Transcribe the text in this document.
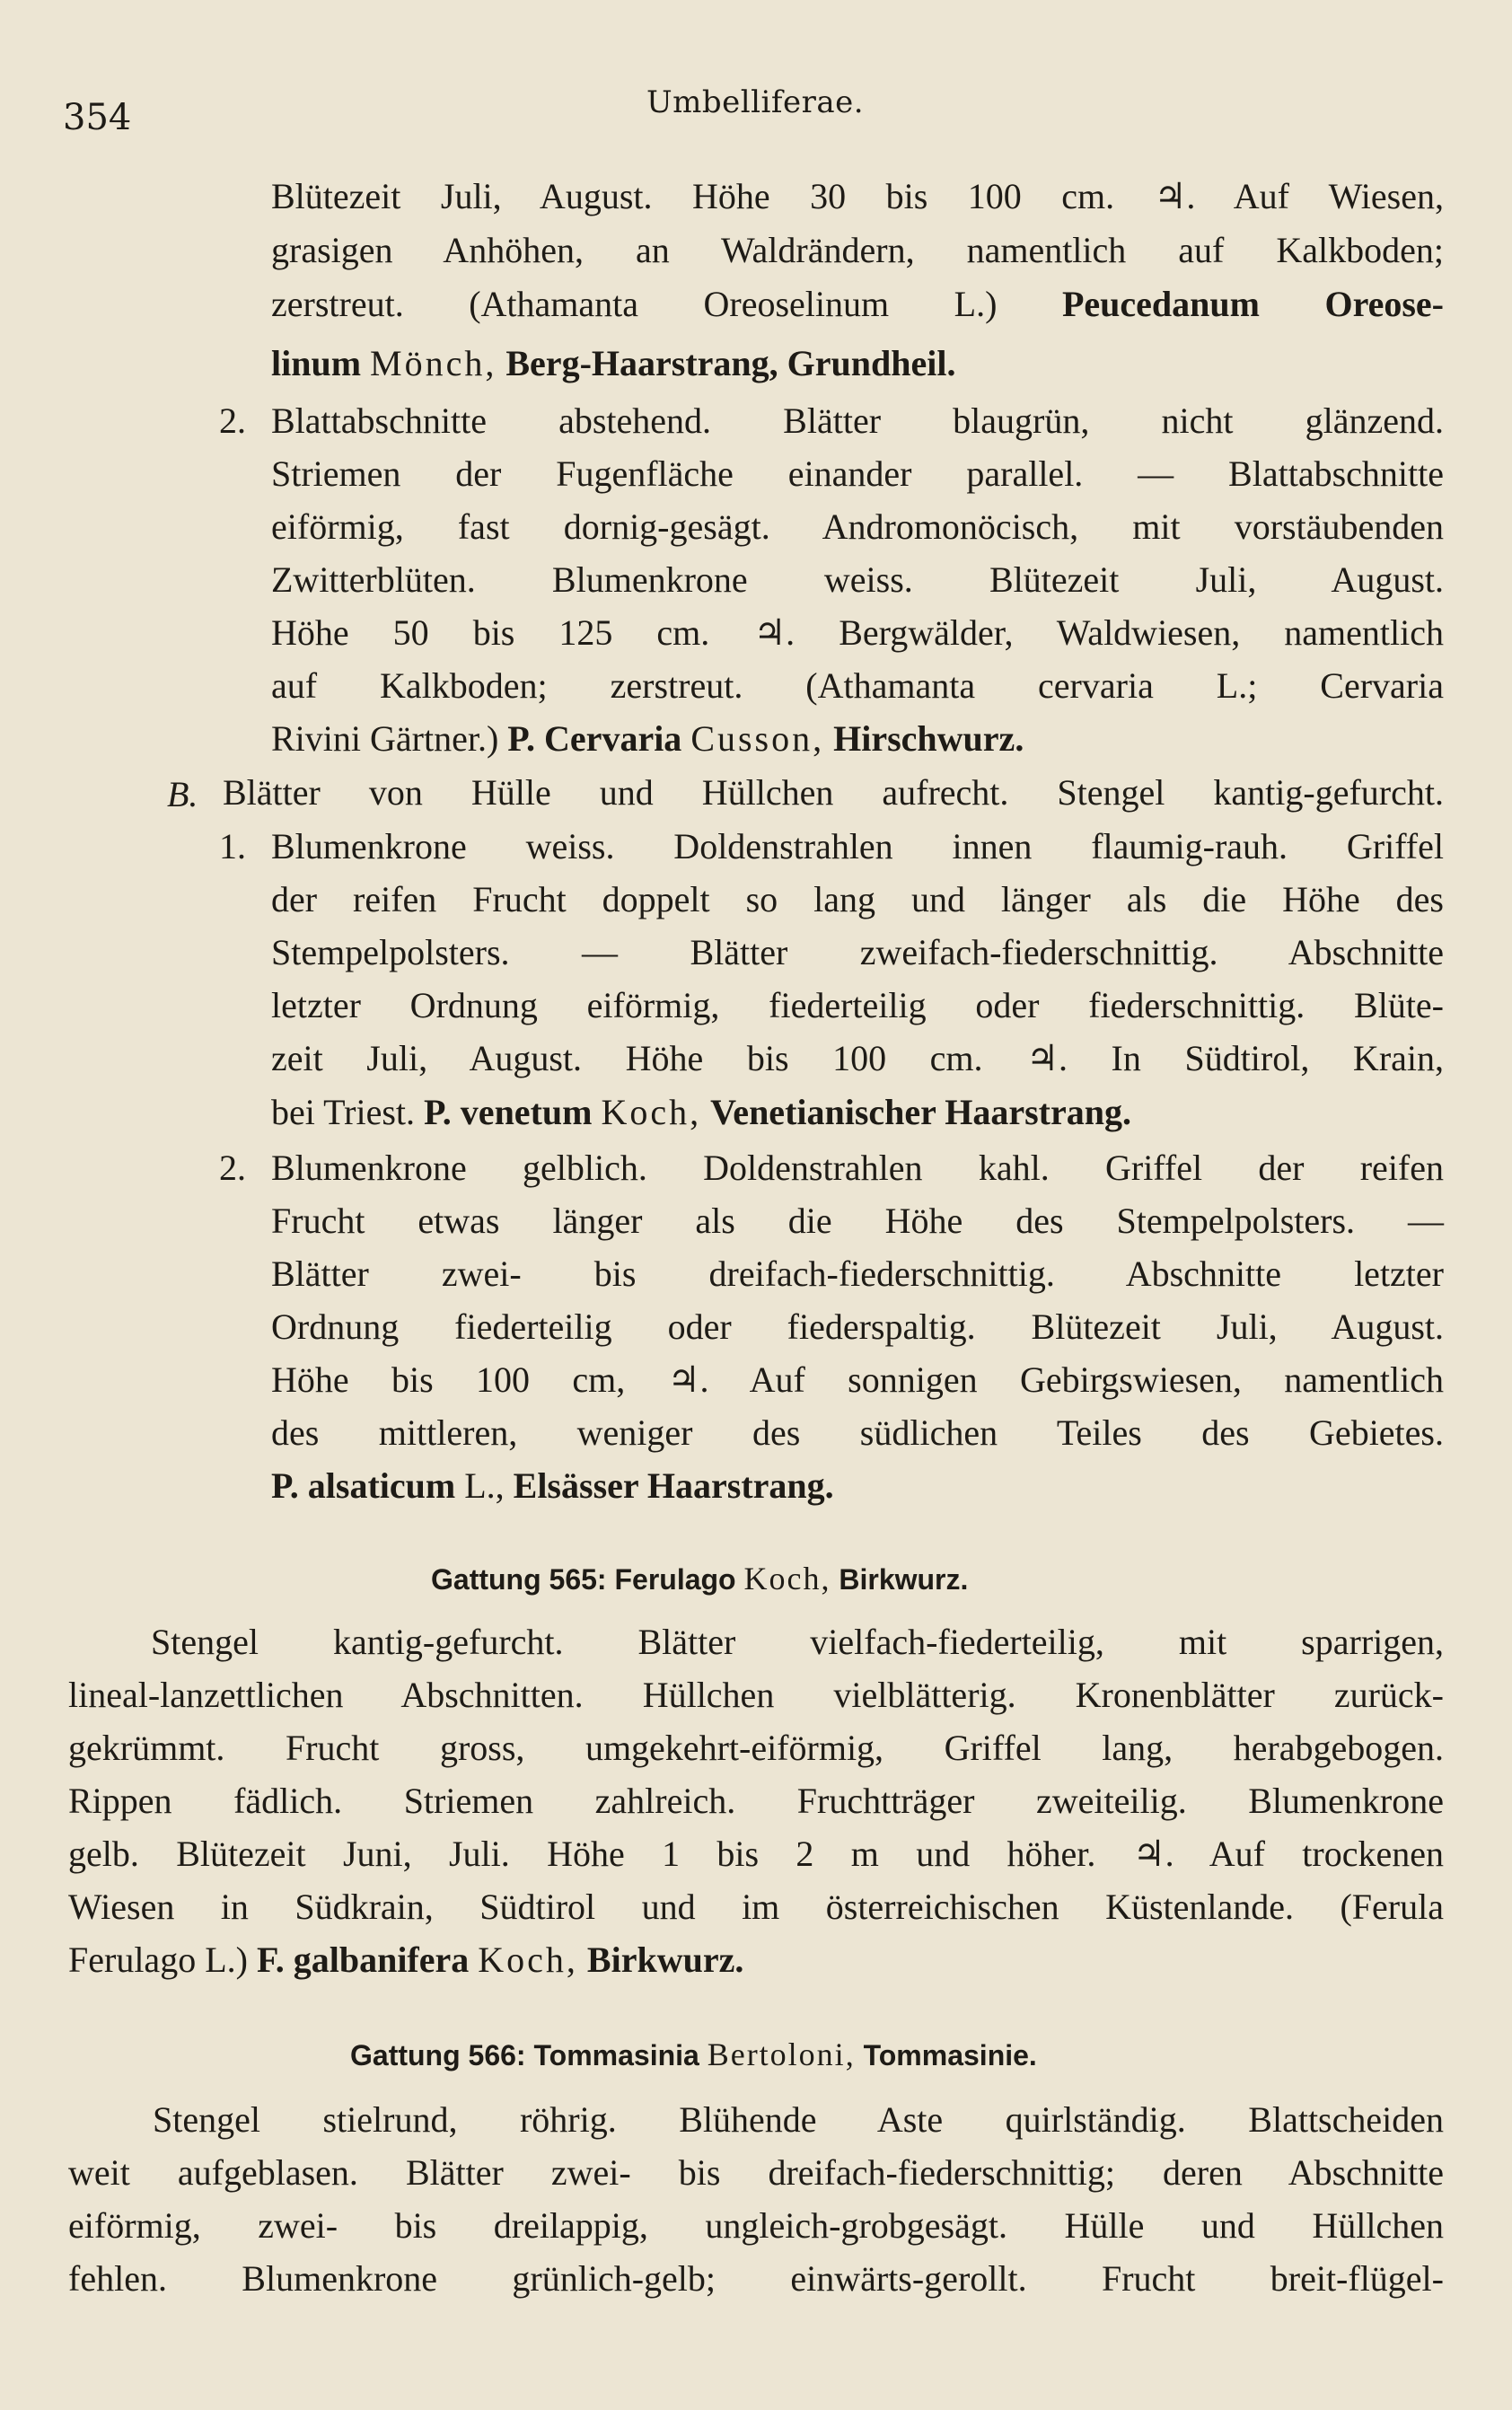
354	Umbelliferae.
Blütezeit Juli, August. Höhe 30 bis 100 cm. ♃. Auf Wiesen,
grasigen Anhöhen, an Waldrändern, namentlich auf Kalkboden;
zerstreut. (Athamanta Oreoselinum L.) Peucedanum Oreose-
linum Mönch, Berg-Haarstrang, Grundheil.
2. Blattabschnitte abstehend. Blätter blaugrün, nicht glänzend.
Striemen der Fugenfläche einander parallel. — Blattabschnitte
eiförmig, fast dornig-gesägt. Andromonöcisch, mit vorstäubenden
Zwitterblüten. Blumenkrone weiss. Blütezeit Juli, August.
Höhe 50 bis 125 cm. ♃. Bergwälder, Waldwiesen, namentlich
auf Kalkboden; zerstreut. (Athamanta cervaria L.; Cervaria
Rivini Gärtner.) P. Cervaria Cusson, Hirschwurz.
B. Blätter von Hülle und Hüllchen aufrecht. Stengel kantig-gefurcht.
1. Blumenkrone weiss. Doldenstrahlen innen flaumig-rauh. Griffel
der reifen Frucht doppelt so lang und länger als die Höhe des
Stempelpolsters. — Blätter zweifach-fiederschnittig. Abschnitte
letzter Ordnung eiförmig, fiederteilig oder fiederschnittig. Blüte-
zeit Juli, August. Höhe bis 100 cm. ♃. In Südtirol, Krain,
bei Triest. P. venetum Koch, Venetianischer Haarstrang.
2. Blumenkrone gelblich. Doldenstrahlen kahl. Griffel der reifen
Frucht etwas länger als die Höhe des Stempelpolsters. —
Blätter zwei- bis dreifach-fiederschnittig. Abschnitte letzter
Ordnung fiederteilig oder fiederspaltig. Blütezeit Juli, August.
Höhe bis 100 cm, ♃. Auf sonnigen Gebirgswiesen, namentlich
des mittleren, weniger des südlichen Teiles des Gebietes.
P. alsaticum L., Elsässer Haarstrang.
Gattung 565: Ferulago Koch, Birkwurz.
Stengel kantig-gefurcht. Blätter vielfach-fiederteilig, mit sparrigen,
lineal-lanzettlichen Abschnitten. Hüllchen vielblätterig. Kronenblätter zurück-
gekrümmt. Frucht gross, umgekehrt-eiförmig, Griffel lang, herabgebogen.
Rippen fädlich. Striemen zahlreich. Fruchtträger zweiteilig. Blumenkrone
gelb. Blütezeit Juni, Juli. Höhe 1 bis 2 m und höher. ♃. Auf trockenen
Wiesen in Südkrain, Südtirol und im österreichischen Küstenlande. (Ferula
Ferulago L.) F. galbanifera Koch, Birkwurz.
Gattung 566: Tommasinia Bertoloni, Tommasinie.
Stengel stielrund, röhrig. Blühende Aste quirlständig. Blattscheiden
weit aufgeblasen. Blätter zwei- bis dreifach-fiederschnittig; deren Abschnitte
eiförmig, zwei- bis dreilappig, ungleich-grobgesägt. Hülle und Hüllchen
fehlen. Blumenkrone grünlich-gelb; einwärts-gerollt. Frucht breit-flügel-
